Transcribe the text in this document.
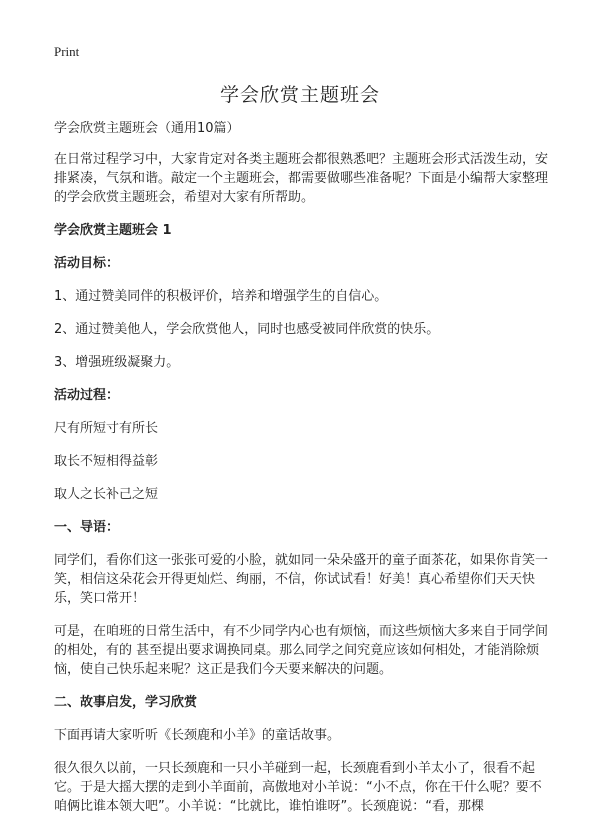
Print
学会欣赏主题班会
学会欣赏主题班会（通用10篇）

在日常过程学习中，大家肯定对各类主题班会都很熟悉吧？主题班会形式活泼生动，安排紧凑，气氛和谐。敲定一个主题班会，都需要做哪些准备呢？下面是小编帮大家整理的学会欣赏主题班会，希望对大家有所帮助。

学会欣赏主题班会 1
活动目标：

1、通过赞美同伴的积极评价，培养和增强学生的自信心。

2、通过赞美他人，学会欣赏他人，同时也感受被同伴欣赏的快乐。

3、增强班级凝聚力。

活动过程：

尺有所短寸有所长

取长不短相得益彰

取人之长补己之短

一、导语：

同学们，看你们这一张张可爱的小脸，就如同一朵朵盛开的童子面茶花，如果你肯笑一笑，相信这朵花会开得更灿烂、绚丽，不信，你试试看！好美！真心希望你们天天快乐，笑口常开！

可是，在咱班的日常生活中，有不少同学内心也有烦恼，而这些烦恼大多来自于同学间的相处，有的 甚至提出要求调换同桌。那么同学之间究竟应该如何相处，才能消除烦恼，使自己快乐起来呢？这正是我们今天要来解决的问题。

二、故事启发，学习欣赏

下面再请大家听听《长颈鹿和小羊》的童话故事。

很久很久以前，一只长颈鹿和一只小羊碰到一起，长颈鹿看到小羊太小了，很看不起它。于是大摇大摆的走到小羊面前，高傲地对小羊说：“小不点，你在干什么呢？要不咱俩比谁本领大吧”。小羊说：“比就比，谁怕谁呀”。长颈鹿说：“看，那棵
